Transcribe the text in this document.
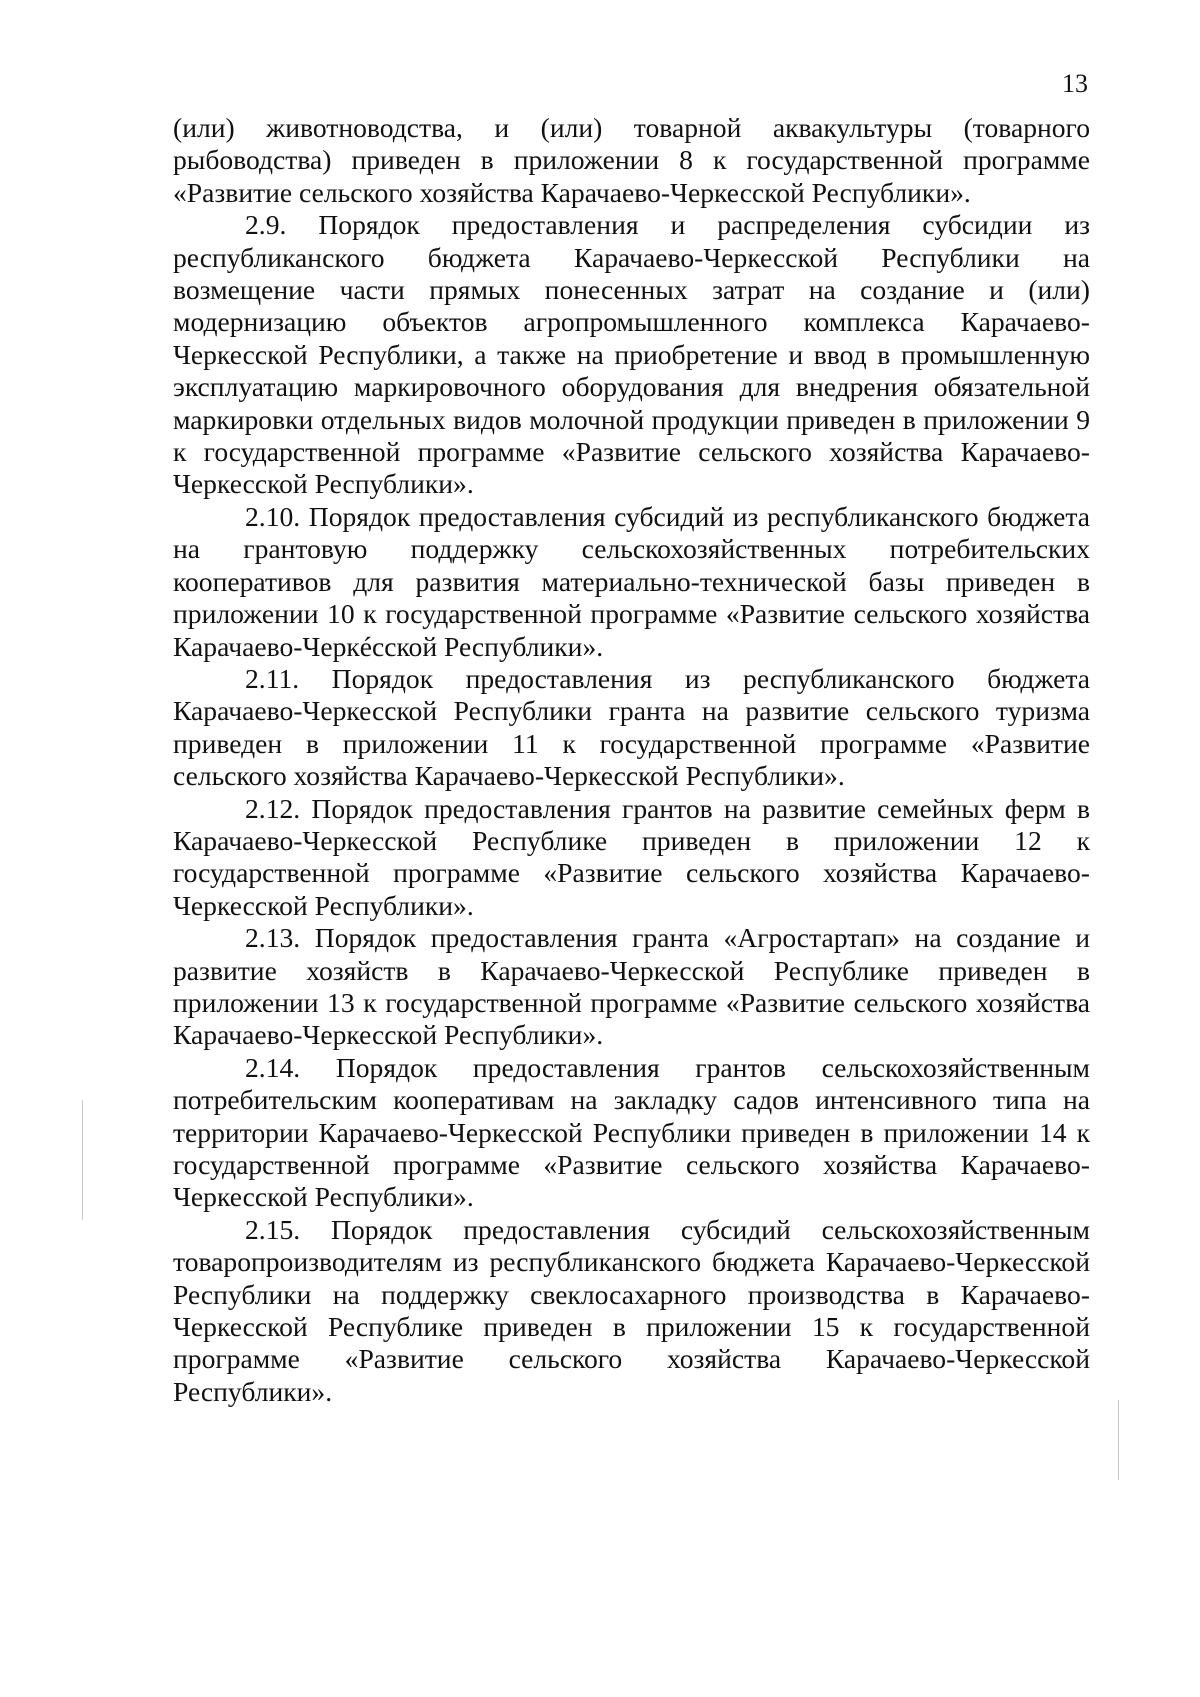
13

(или) животноводства, и (или) товарной аквакультуры (товарного рыбоводства) приведен в приложении 8 к государственной программе «Развитие сельского хозяйства Карачаево-Черкесской Республики».

2.9. Порядок предоставления и распределения субсидии из республиканского бюджета Карачаево-Черкесской Республики на возмещение части прямых понесенных затрат на создание и (или) модернизацию объектов агропромышленного комплекса Карачаево-Черкесской Республики, а также на приобретение и ввод в промышленную эксплуатацию маркировочного оборудования для внедрения обязательной маркировки отдельных видов молочной продукции приведен в приложении 9 к государственной программе «Развитие сельского хозяйства Карачаево-Черкесской Республики».

2.10. Порядок предоставления субсидий из республиканского бюджета на грантовую поддержку сельскохозяйственных потребительских кооперативов для развития материально-технической базы приведен в приложении 10 к государственной программе «Развитие сельского хозяйства Карачаево-Черкéсской Республики».

2.11. Порядок предоставления из республиканского бюджета Карачаево-Черкесской Республики гранта на развитие сельского туризма приведен в приложении 11 к государственной программе «Развитие сельского хозяйства Карачаево-Черкесской Республики».

2.12. Порядок предоставления грантов на развитие семейных ферм в Карачаево-Черкесской Республике приведен в приложении 12 к государственной программе «Развитие сельского хозяйства Карачаево-Черкесской Республики».

2.13. Порядок предоставления гранта «Агростартап» на создание и развитие хозяйств в Карачаево-Черкесской Республике приведен в приложении 13 к государственной программе «Развитие сельского хозяйства Карачаево-Черкесской Республики».

2.14. Порядок предоставления грантов сельскохозяйственным потребительским кооперативам на закладку садов интенсивного типа на территории Карачаево-Черкесской Республики приведен в приложении 14 к государственной программе «Развитие сельского хозяйства Карачаево-Черкесской Республики».

2.15. Порядок предоставления субсидий сельскохозяйственным товаропроизводителям из республиканского бюджета Карачаево-Черкесской Республики на поддержку свеклосахарного производства в Карачаево-Черкесской Республике приведен в приложении 15 к государственной программе «Развитие сельского хозяйства Карачаево-Черкесской Республики».
